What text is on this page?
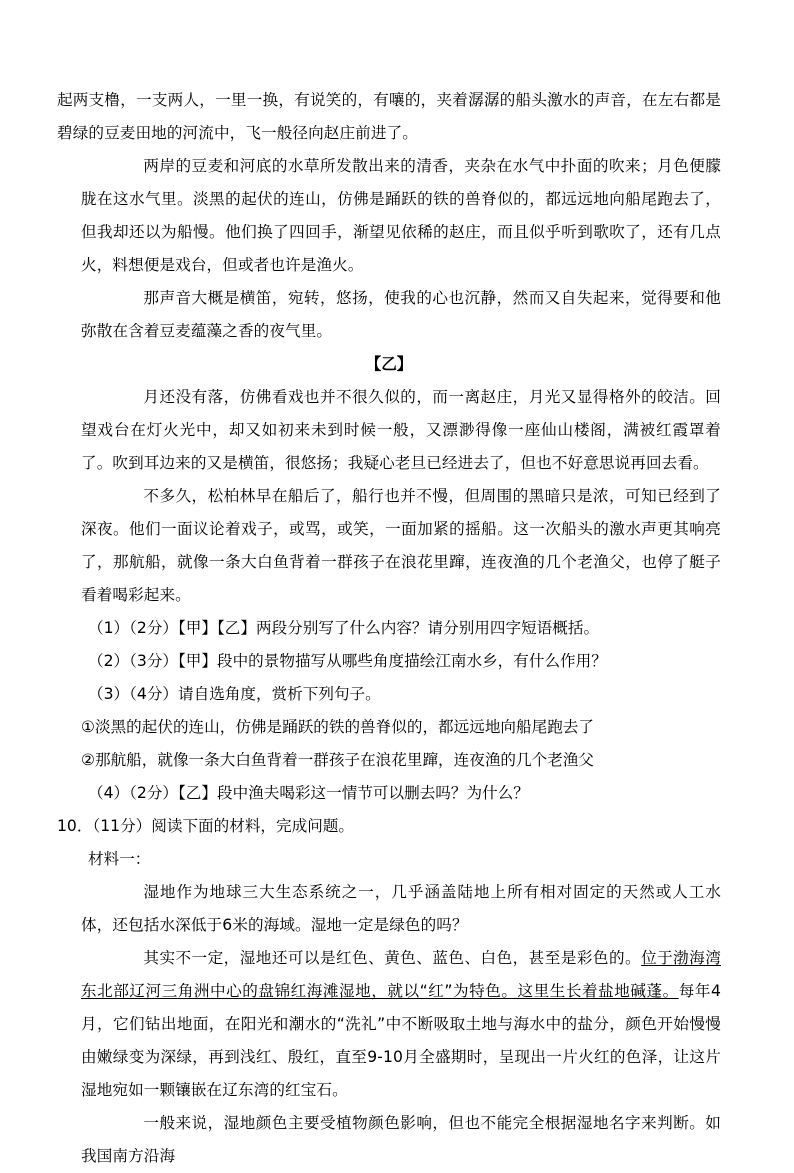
起两支橹，一支两人，一里一换，有说笑的，有嚷的，夹着潺潺的船头激水的声音，在左右都是碧绿的豆麦田地的河流中，飞一般径向赵庄前进了。

两岸的豆麦和河底的水草所发散出来的清香，夹杂在水气中扑面的吹来；月色便朦胧在这水气里。淡黑的起伏的连山，仿佛是踊跃的铁的兽脊似的，都远远地向船尾跑去了，但我却还以为船慢。他们换了四回手，渐望见依稀的赵庄，而且似乎听到歌吹了，还有几点火，料想便是戏台，但或者也许是渔火。

那声音大概是横笛，宛转，悠扬，使我的心也沉静，然而又自失起来，觉得要和他弥散在含着豆麦蕴藻之香的夜气里。

【乙】

月还没有落，仿佛看戏也并不很久似的，而一离赵庄，月光又显得格外的皎洁。回望戏台在灯火光中，却又如初来未到时候一般，又漂渺得像一座仙山楼阁，满被红霞罩着了。吹到耳边来的又是横笛，很悠扬；我疑心老旦已经进去了，但也不好意思说再回去看。

不多久，松柏林早在船后了，船行也并不慢，但周围的黑暗只是浓，可知已经到了深夜。他们一面议论着戏子，或骂，或笑，一面加紧的摇船。这一次船头的激水声更其响亮了，那航船，就像一条大白鱼背着一群孩子在浪花里蹿，连夜渔的几个老渔父，也停了艇子看着喝彩起来。

（1）（2分）【甲】【乙】两段分别写了什么内容？请分别用四字短语概括。

（2）（3分）【甲】段中的景物描写从哪些角度描绘江南水乡，有什么作用？

（3）（4分）请自选角度，赏析下列句子。

①淡黑的起伏的连山，仿佛是踊跃的铁的兽脊似的，都远远地向船尾跑去了

②那航船，就像一条大白鱼背着一群孩子在浪花里蹿，连夜渔的几个老渔父

（4）（2分）【乙】段中渔夫喝彩这一情节可以删去吗？为什么？

10．（11分）阅读下面的材料，完成问题。

材料一：

湿地作为地球三大生态系统之一，几乎涵盖陆地上所有相对固定的天然或人工水体，还包括水深低于6米的海域。湿地一定是绿色的吗？

其实不一定，湿地还可以是红色、黄色、蓝色、白色，甚至是彩色的。位于渤海湾东北部辽河三角洲中心的盘锦红海滩湿地，就以“红”为特色。这里生长着盐地碱蓬。每年4月，它们钻出地面，在阳光和潮水的“洗礼”中不断吸取土地与海水中的盐分，颜色开始慢慢由嫩绿变为深绿，再到浅红、殷红，直至9-10月全盛期时，呈现出一片火红的色泽，让这片湿地宛如一颗镶嵌在辽东湾的红宝石。

一般来说，湿地颜色主要受植物颜色影响，但也不能完全根据湿地名字来判断。如我国南方沿海
